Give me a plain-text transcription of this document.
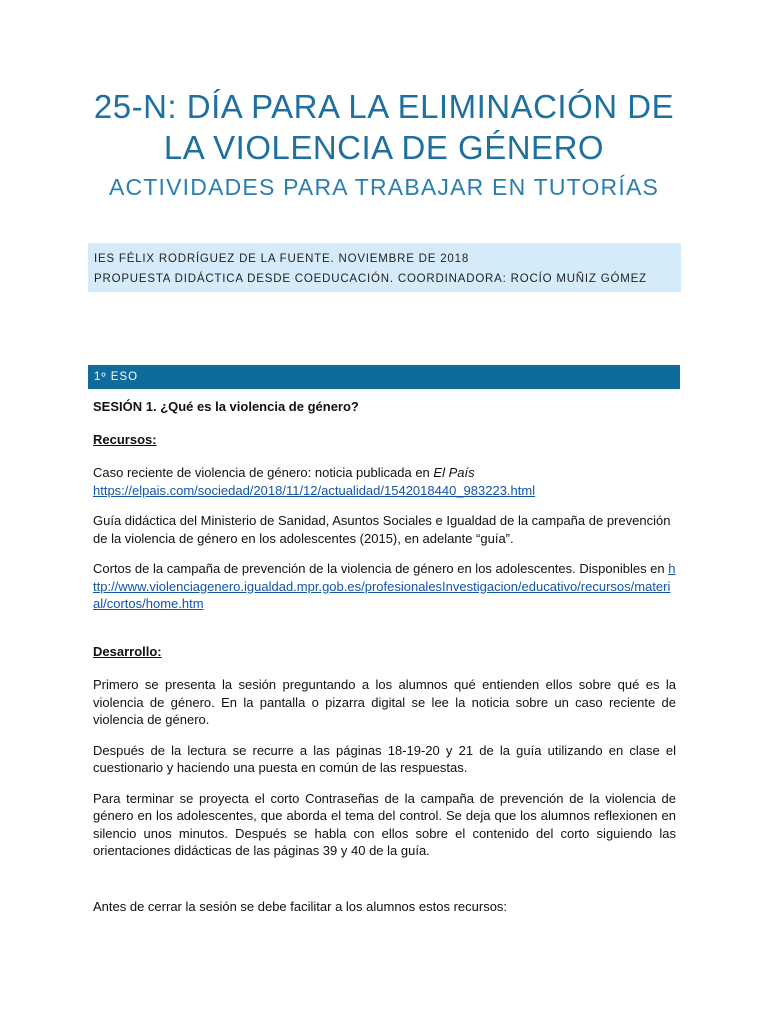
25-N: DÍA PARA LA ELIMINACIÓN DE
LA VIOLENCIA DE GÉNERO
ACTIVIDADES PARA TRABAJAR EN TUTORÍAS
IES FÉLIX RODRÍGUEZ DE LA FUENTE. NOVIEMBRE DE 2018
PROPUESTA DIDÁCTICA DESDE COEDUCACIÓN. COORDINADORA: ROCÍO MUÑIZ GÓMEZ
1º ESO

SESIÓN 1. ¿Qué es la violencia de género?

Recursos:

Caso reciente de violencia de género: noticia publicada en El País
https://elpais.com/sociedad/2018/11/12/actualidad/1542018440_983223.html

Guía didáctica del Ministerio de Sanidad, Asuntos Sociales e Igualdad de la campaña de prevención de la violencia de género en los adolescentes (2015), en adelante “guía”.

Cortos de la campaña de prevención de la violencia de género en los adolescentes. Disponibles en http://www.violenciagenero.igualdad.mpr.gob.es/profesionalesInvestigacion/educativo/recursos/material/cortos/home.htm

Desarrollo:

Primero se presenta la sesión preguntando a los alumnos qué entienden ellos sobre qué es la violencia de género. En la pantalla o pizarra digital se lee la noticia sobre un caso reciente de violencia de género.

Después de la lectura se recurre a las páginas 18-19-20 y 21 de la guía utilizando en clase el cuestionario y haciendo una puesta en común de las respuestas.

Para terminar se proyecta el corto Contraseñas de la campaña de prevención de la violencia de género en los adolescentes, que aborda el tema del control. Se deja que los alumnos reflexionen en silencio unos minutos. Después se habla con ellos sobre el contenido del corto siguiendo las orientaciones didácticas de las páginas 39 y 40 de la guía.

Antes de cerrar la sesión se debe facilitar a los alumnos estos recursos:
